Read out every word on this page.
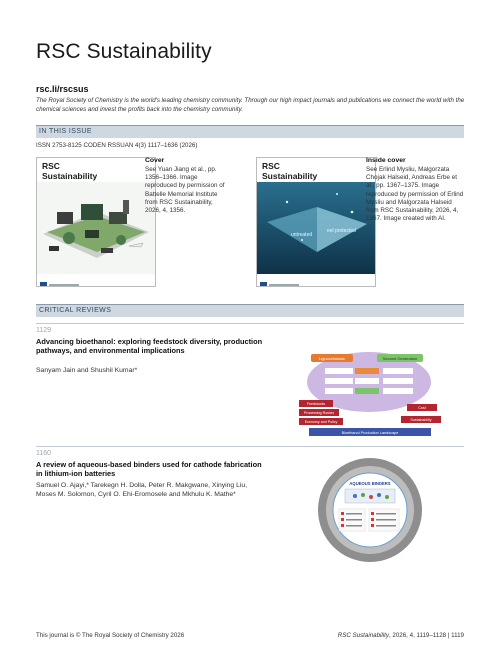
RSC Sustainability
rsc.li/rscsus
The Royal Society of Chemistry is the world's leading chemistry community. Through our high impact journals and publications we connect the world with the chemical sciences and invest the profits back into the chemistry community.
IN THIS ISSUE
ISSN 2753-8125 CODEN RSSUAN 4(3) 1117–1636 (2026)
RSC Sustainability
Cover
See Yuan Jiang et al., pp. 1356–1366. Image reproduced by permission of Battelle Memorial Institute from RSC Sustainability, 2026, 4, 1356.
RSC Sustainability
untreated
eel protected
Inside cover
See Erlind Mysliu, Malgorzata Chojak Halseid, Andreas Erbe et al., pp. 1367–1375. Image reproduced by permission of Erlind Mysliu and Malgorzata Halseid from RSC Sustainability, 2026, 4, 1367. Image created with AI.
CRITICAL REVIEWS
1129
Advancing bioethanol: exploring feedstock diversity, production pathways, and environmental implications
Sanyam Jain and Shushil Kumar*
Lignocellulosic	Second Generation
Feedstocks
Processing Routes
Economy and Policy
Cost
Sustainability
Bioethanol Production Landscape
1160
A review of aqueous-based binders used for cathode fabrication in lithium-ion batteries
Samuel O. Ajayi,* Tarekegn H. Dolla, Peter R. Makgwane, Xinying Liu, Moses M. Solomon, Cyril O. Ehi-Eromosele and Mkhulu K. Mathe*
AQUEOUS BINDERS
This journal is © The Royal Society of Chemistry 2026	RSC Sustainability, 2026, 4, 1119–1128 | 1119
